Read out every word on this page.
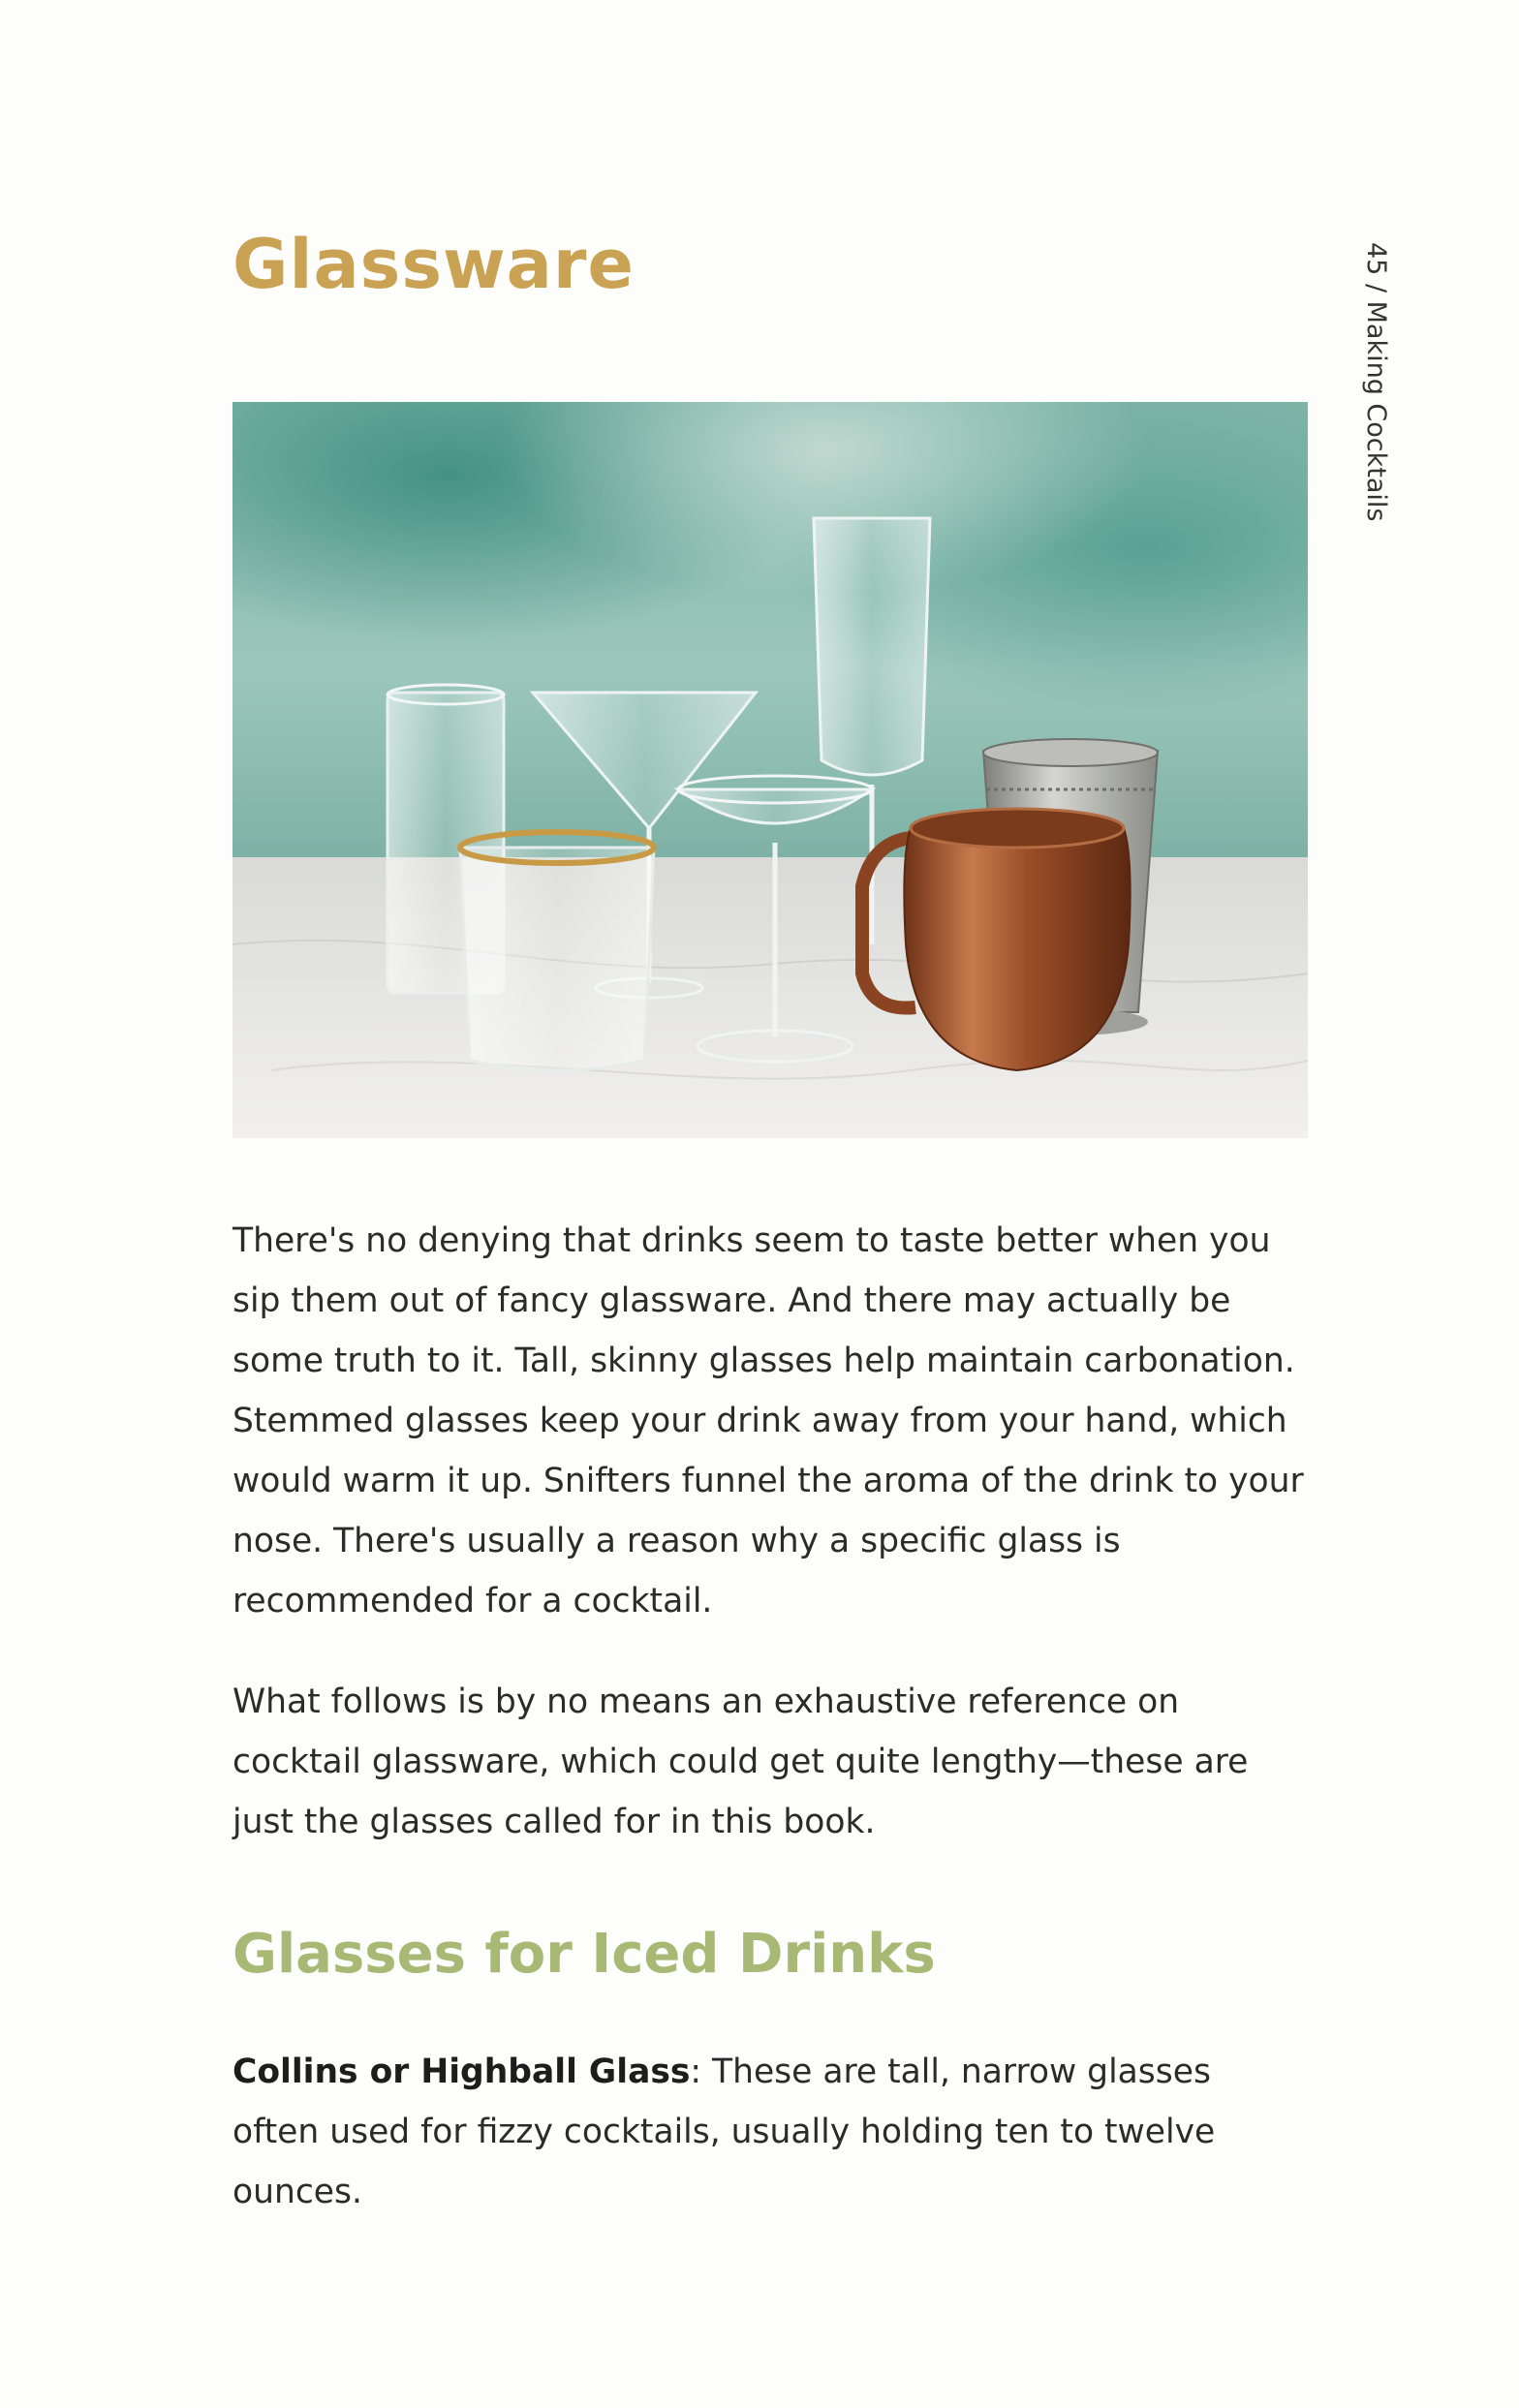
Glassware	45 / Making Cocktails

There's no denying that drinks seem to taste better when you sip them out of fancy glassware. And there may actually be some truth to it. Tall, skinny glasses help maintain carbonation. Stemmed glasses keep your drink away from your hand, which would warm it up. Snifters funnel the aroma of the drink to your nose. There's usually a reason why a specific glass is recommended for a cocktail.

What follows is by no means an exhaustive reference on cocktail glassware, which could get quite lengthy—these are just the glasses called for in this book.

Glasses for Iced Drinks

Collins or Highball Glass: These are tall, narrow glasses often used for fizzy cocktails, usually holding ten to twelve ounces.
